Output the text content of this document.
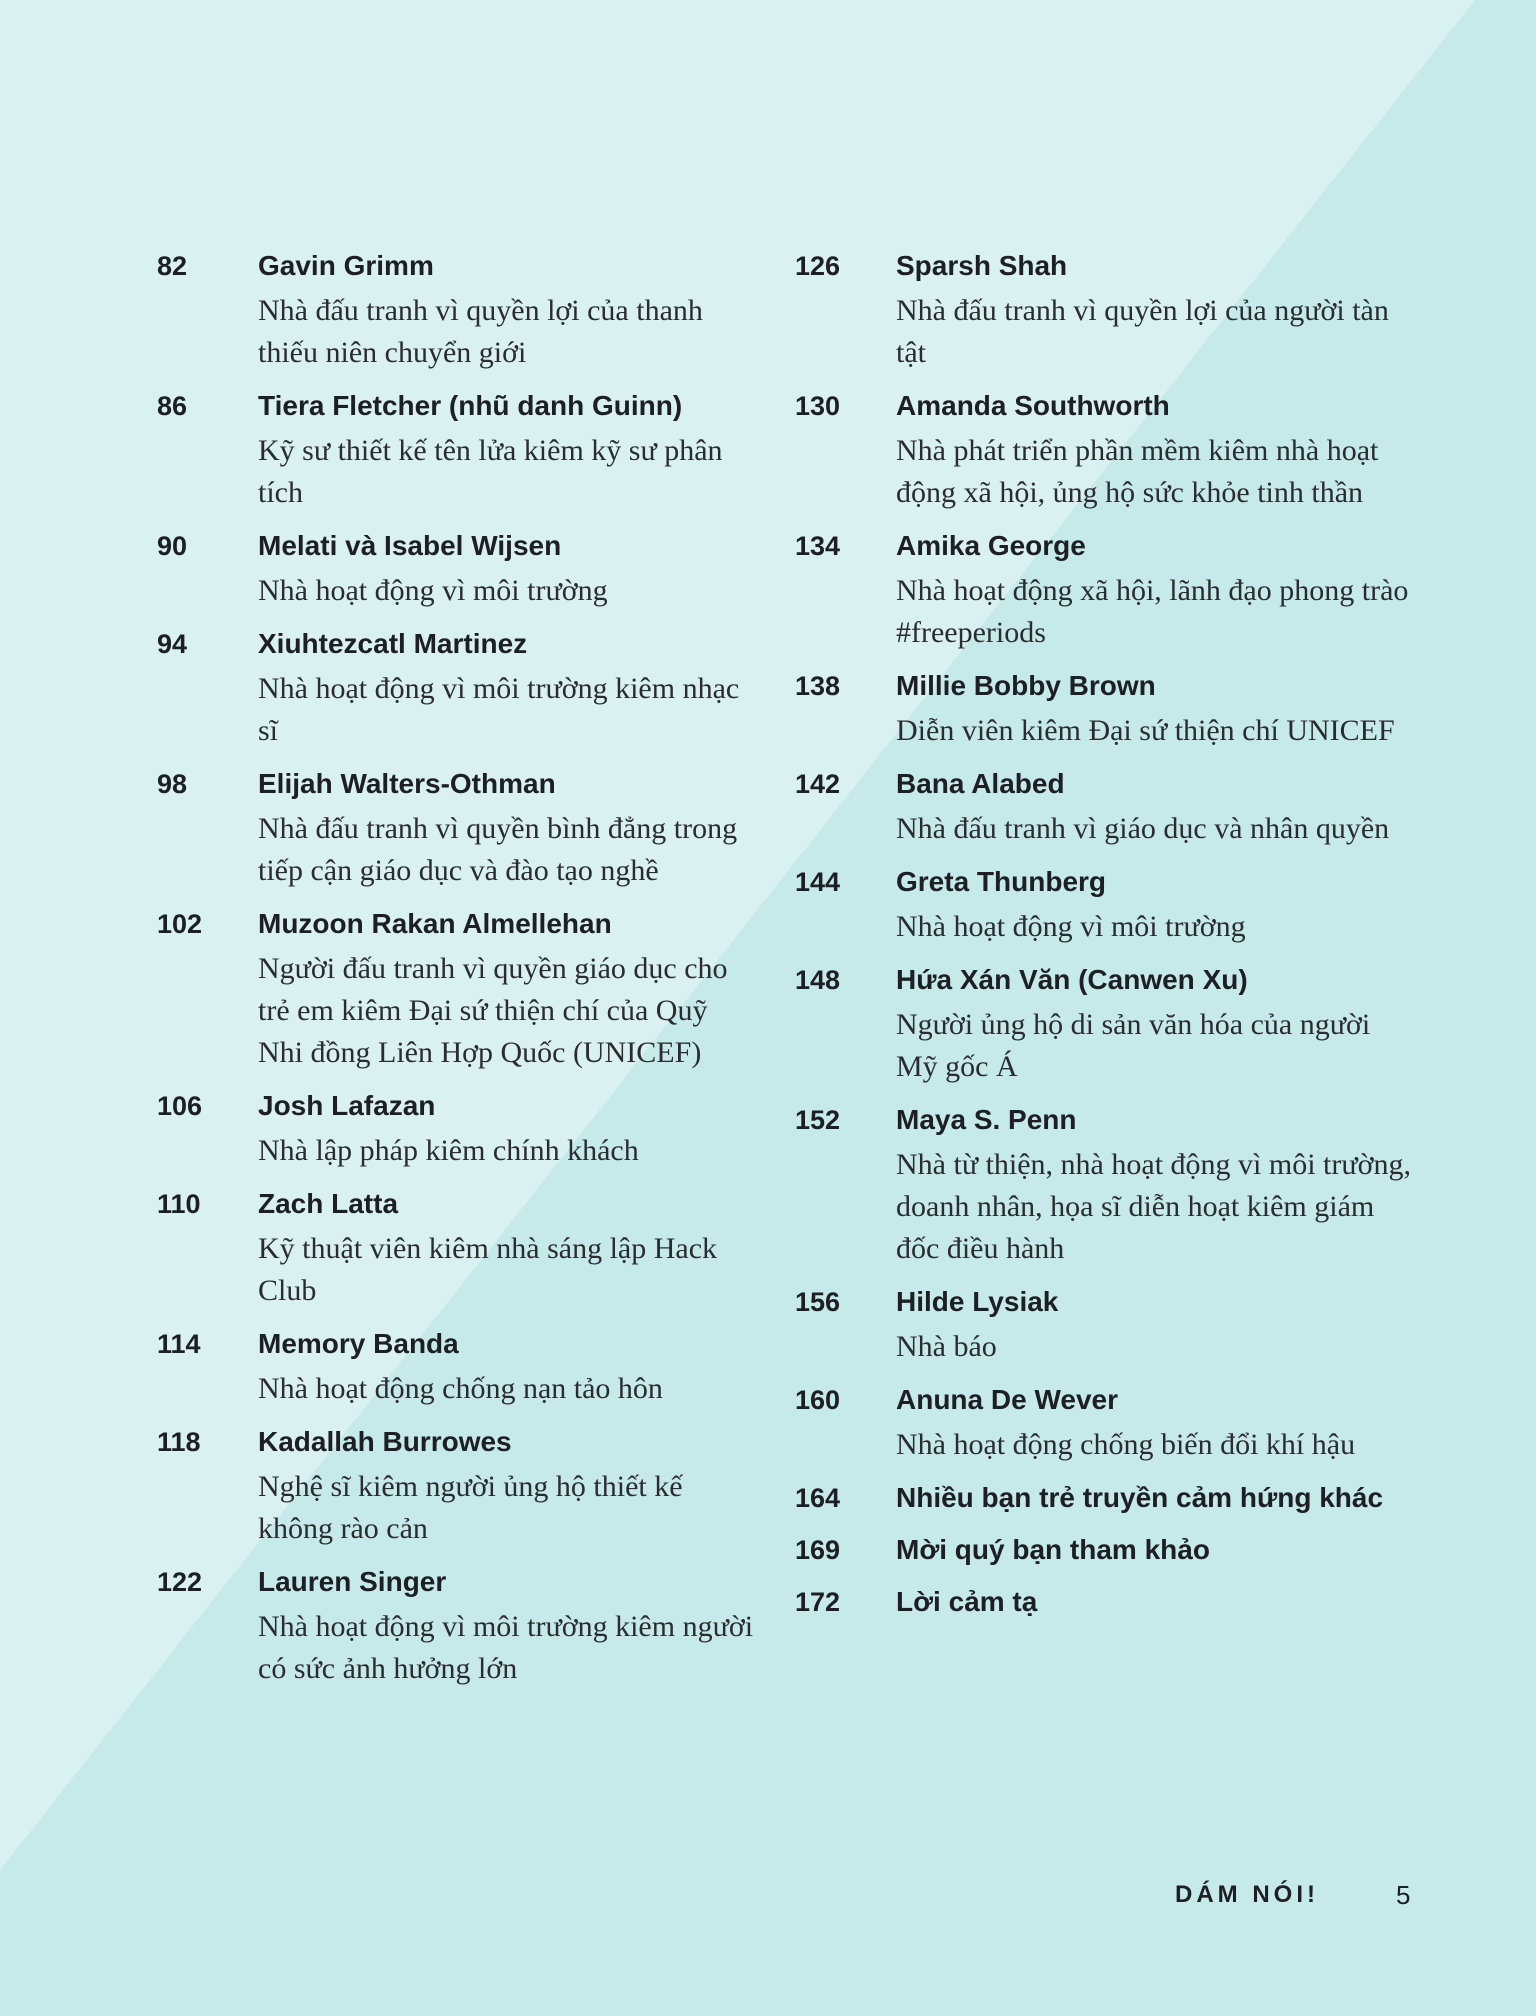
82	Gavin Grimm
Nhà đấu tranh vì quyền lợi của thanh thiếu niên chuyển giới
86	Tiera Fletcher (nhũ danh Guinn)
Kỹ sư thiết kế tên lửa kiêm kỹ sư phân tích
90	Melati và Isabel Wijsen
Nhà hoạt động vì môi trường
94	Xiuhtezcatl Martinez
Nhà hoạt động vì môi trường kiêm nhạc sĩ
98	Elijah Walters-Othman
Nhà đấu tranh vì quyền bình đẳng trong tiếp cận giáo dục và đào tạo nghề
102 Muzoon Rakan Almellehan
Người đấu tranh vì quyền giáo dục cho trẻ em kiêm Đại sứ thiện chí của Quỹ Nhi đồng Liên Hợp Quốc (UNICEF)
106 Josh Lafazan
Nhà lập pháp kiêm chính khách
110 Zach Latta
Kỹ thuật viên kiêm nhà sáng lập Hack Club
114 Memory Banda
Nhà hoạt động chống nạn tảo hôn
118 Kadallah Burrowes
Nghệ sĩ kiêm người ủng hộ thiết kế không rào cản
122 Lauren Singer
Nhà hoạt động vì môi trường kiêm người có sức ảnh hưởng lớn
126 Sparsh Shah
Nhà đấu tranh vì quyền lợi của người tàn tật
130 Amanda Southworth
Nhà phát triển phần mềm kiêm nhà hoạt động xã hội, ủng hộ sức khỏe tinh thần
134 Amika George
Nhà hoạt động xã hội, lãnh đạo phong trào #freeperiods
138 Millie Bobby Brown
Diễn viên kiêm Đại sứ thiện chí UNICEF
142 Bana Alabed
Nhà đấu tranh vì giáo dục và nhân quyền
144 Greta Thunberg
Nhà hoạt động vì môi trường
148 Hứa Xán Văn (Canwen Xu)
Người ủng hộ di sản văn hóa của người Mỹ gốc Á
152 Maya S. Penn
Nhà từ thiện, nhà hoạt động vì môi trường, doanh nhân, họa sĩ diễn hoạt kiêm giám đốc điều hành
156 Hilde Lysiak
Nhà báo
160 Anuna De Wever
Nhà hoạt động chống biến đổi khí hậu
164 Nhiều bạn trẻ truyền cảm hứng khác
169 Mời quý bạn tham khảo
172 Lời cảm tạ
DÁM NÓI!	5
